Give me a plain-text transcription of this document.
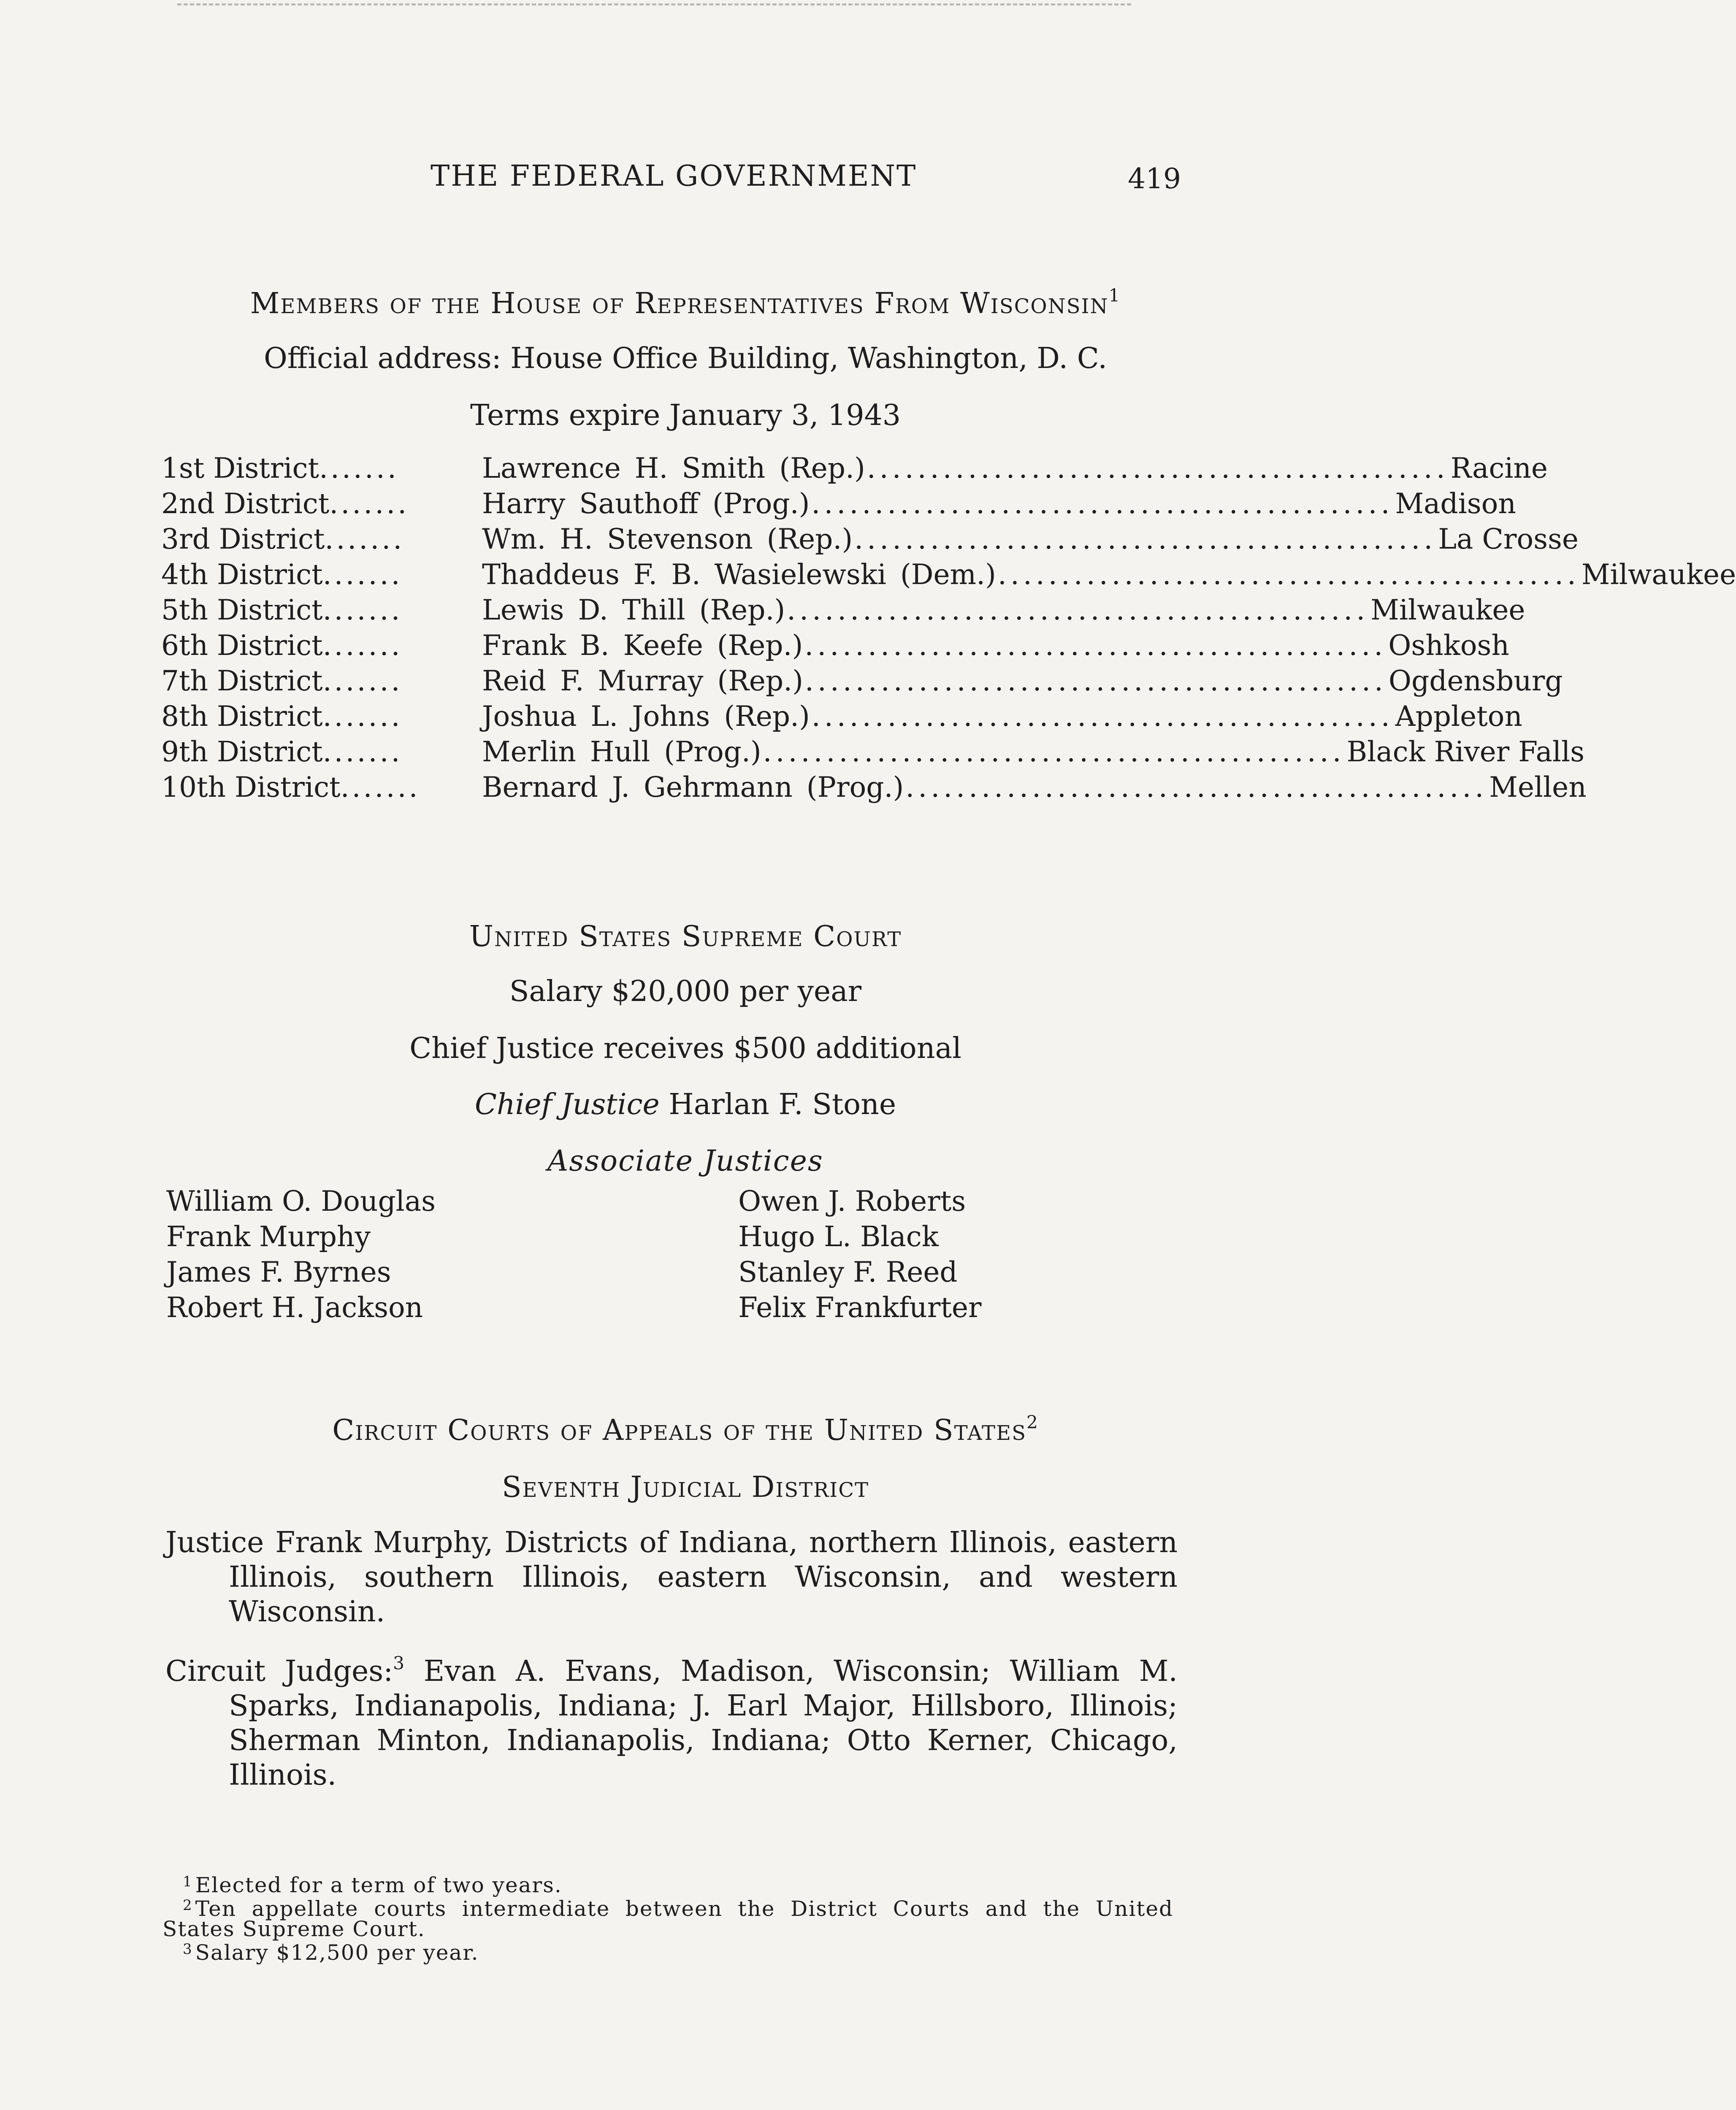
THE FEDERAL GOVERNMENT	419
Members of the House of Representatives From Wisconsin$^1$
Official address: House Office Building, Washington, D. C.
Terms expire January 3, 1943
1st District.......	Lawrence H. Smith (Rep.) .............................................. Racine
2nd District.......	Harry Sauthoff (Prog.) .............................................. Madison
3rd District.......	Wm. H. Stevenson (Rep.) .............................................. La Crosse
4th District.......	Thaddeus F. B. Wasielewski (Dem.) .............................................. Milwaukee
5th District.......	Lewis D. Thill (Rep.) .............................................. Milwaukee
6th District.......	Frank B. Keefe (Rep.) .............................................. Oshkosh
7th District.......	Reid F. Murray (Rep.) .............................................. Ogdensburg
8th District.......	Joshua L. Johns (Rep.) .............................................. Appleton
9th District.......	Merlin Hull (Prog.) .............................................. Black River Falls
10th District.......	Bernard J. Gehrmann (Prog.) .............................................. Mellen
United States Supreme Court
Salary $20,000 per year
Chief Justice receives $500 additional
Chief Justice Harlan F. Stone
Associate Justices
William O. Douglas
Frank Murphy
James F. Byrnes
Robert H. Jackson
Owen J. Roberts
Hugo L. Black
Stanley F. Reed
Felix Frankfurter
Circuit Courts of Appeals of the United States$^2$
Seventh Judicial District
Justice Frank Murphy, Districts of Indiana, northern Illinois, eastern Illinois, southern Illinois, eastern Wisconsin, and western Wisconsin.
Circuit Judges:$^3$ Evan A. Evans, Madison, Wisconsin; William M. Sparks, Indianapolis, Indiana; J. Earl Major, Hillsboro, Illinois; Sherman Minton, Indianapolis, Indiana; Otto Kerner, Chicago, Illinois.

$^1$ Elected for a term of two years.

$^2$ Ten appellate courts intermediate between the District Courts and the United States Supreme Court.

$^3$ Salary $12,500 per year.
